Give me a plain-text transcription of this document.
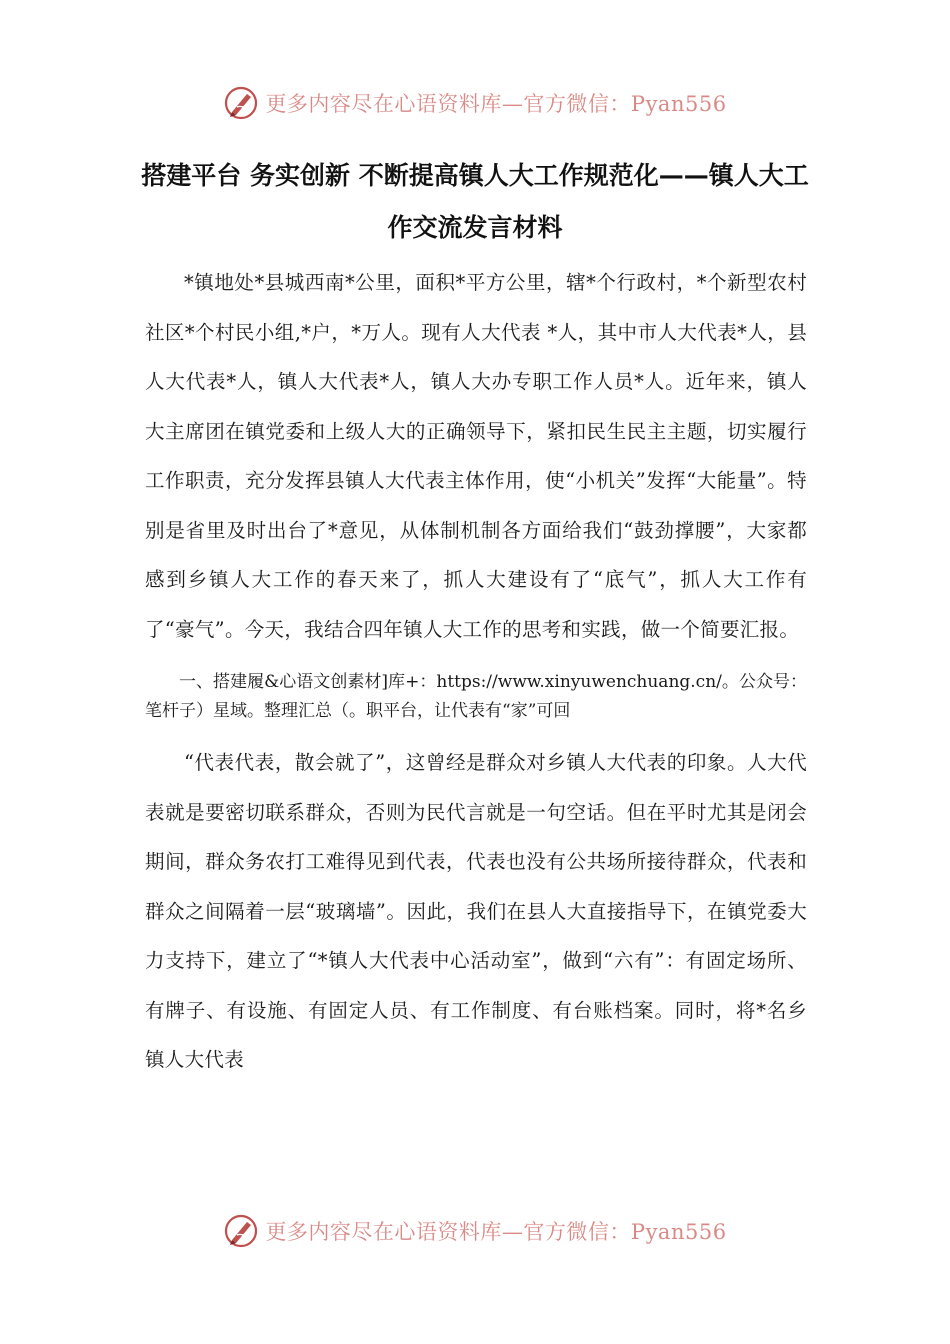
更多内容尽在心语资料库—官方微信：Pyan556
搭建平台 务实创新 不断提高镇人大工作规范化——镇人大工作交流发言材料

*镇地处*县城西南*公里，面积*平方公里，辖*个行政村，*个新型农村社区*个村民小组,*户，*万人。现有人大代表 *人，其中市人大代表*人，县人大代表*人，镇人大代表*人，镇人大办专职工作人员*人。近年来，镇人大主席团在镇党委和上级人大的正确领导下，紧扣民生民主主题，切实履行工作职责，充分发挥县镇人大代表主体作用，使“小机关”发挥“大能量”。特别是省里及时出台了*意见，从体制机制各方面给我们“鼓劲撑腰”，大家都感到乡镇人大工作的春天来了，抓人大建设有了“底气”，抓人大工作有了“豪气”。今天，我结合四年镇人大工作的思考和实践，做一个简要汇报。

一、搭建履&心语文创素材]库+：https://www.xinyuwenchuang.cn/。公众号：笔杆子）星域。整理汇总（。职平台，让代表有“家”可回

“代表代表，散会就了”，这曾经是群众对乡镇人大代表的印象。人大代表就是要密切联系群众，否则为民代言就是一句空话。但在平时尤其是闭会期间，群众务农打工难得见到代表，代表也没有公共场所接待群众，代表和群众之间隔着一层“玻璃墙”。因此，我们在县人大直接指导下，在镇党委大力支持下，建立了“*镇人大代表中心活动室”，做到“六有”：有固定场所、有牌子、有设施、有固定人员、有工作制度、有台账档案。同时，将*名乡镇人大代表

更多内容尽在心语资料库—官方微信：Pyan556
